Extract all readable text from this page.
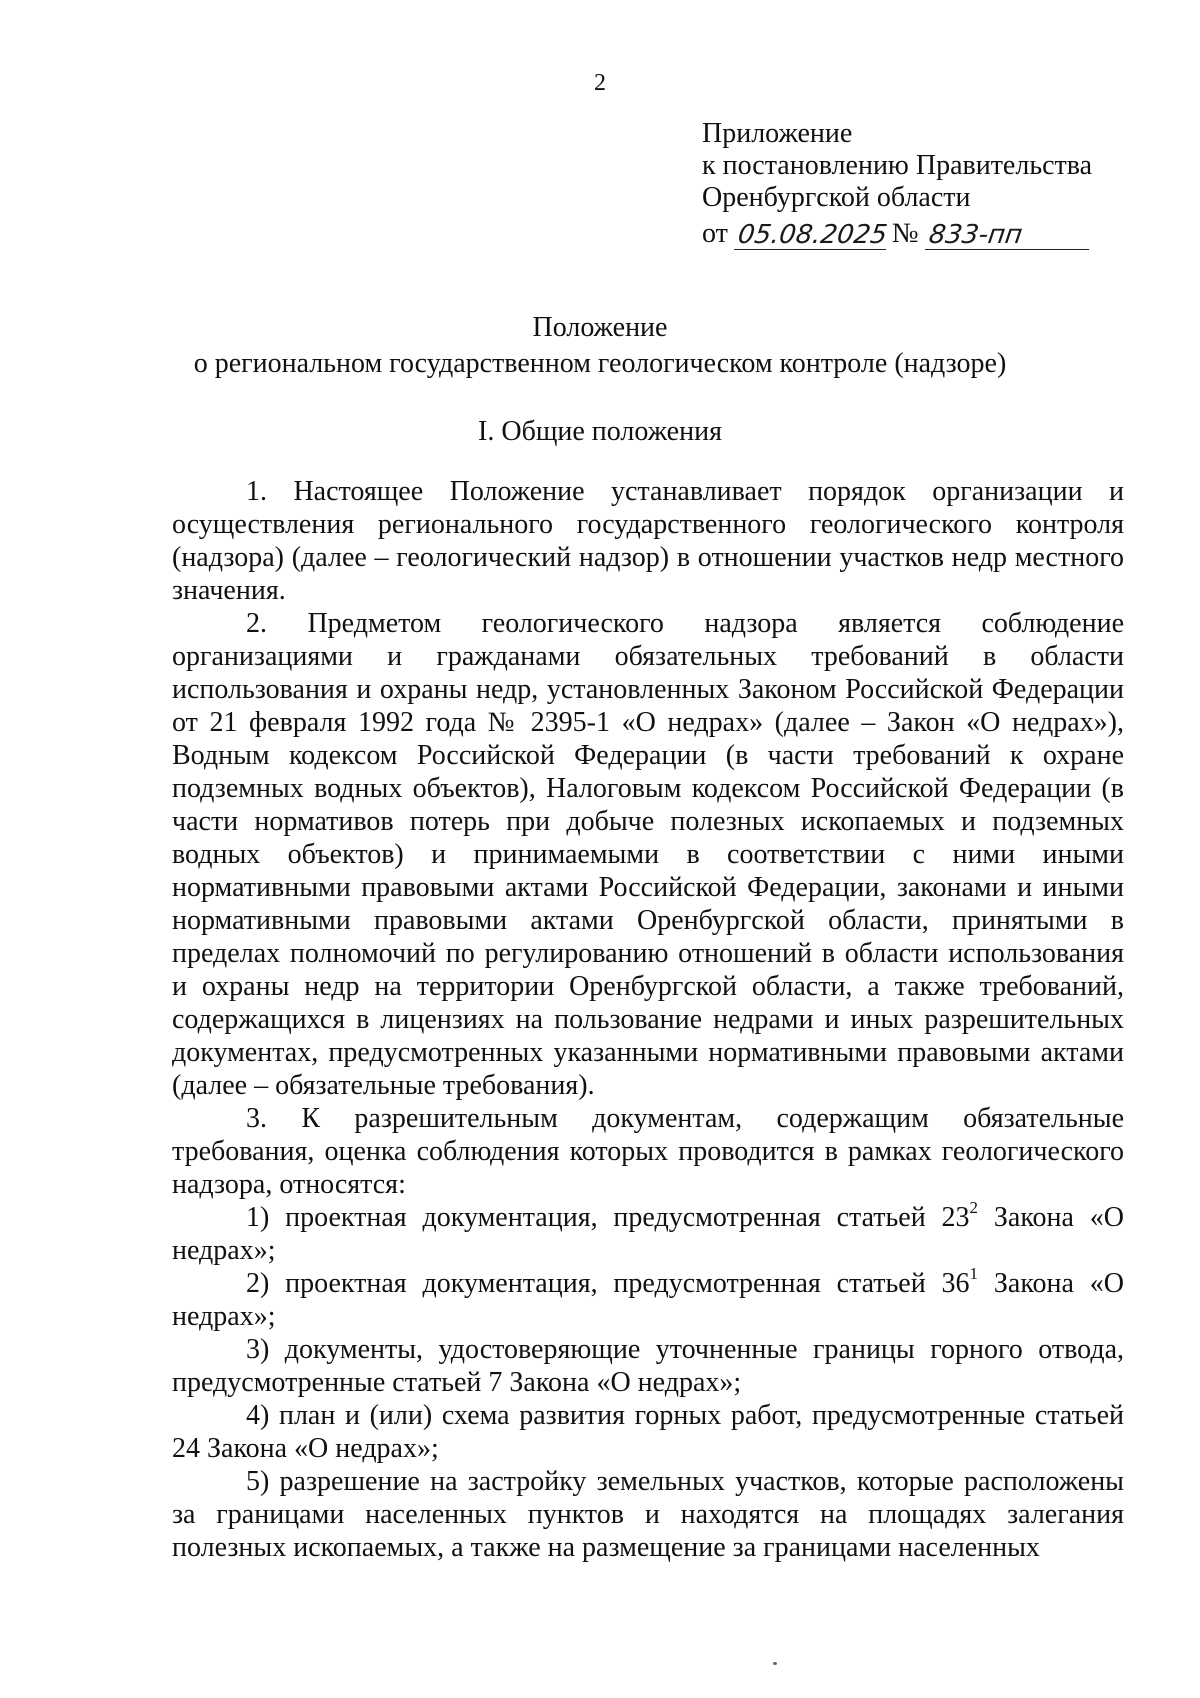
2
Приложение
к постановлению Правительства
Оренбургской области
от 05.08.2025 № 833-пп
Положение
о региональном государственном геологическом контроле (надзоре)
I. Общие положения

1. Настоящее Положение устанавливает порядок организации и осуществления регионального государственного геологического контроля (надзора) (далее – геологический надзор) в отношении участков недр местного значения.

2. Предметом геологического надзора является соблюдение организациями и гражданами обязательных требований в области использования и охраны недр, установленных Законом Российской Федерации от 21 февраля 1992 года № 2395-1 «О недрах» (далее – Закон «О недрах»), Водным кодексом Российской Федерации (в части требований к охране подземных водных объектов), Налоговым кодексом Российской Федерации (в части нормативов потерь при добыче полезных ископаемых и подземных водных объектов) и принимаемыми в соответствии с ними иными нормативными правовыми актами Российской Федерации, законами и иными нормативными правовыми актами Оренбургской области, принятыми в пределах полномочий по регулированию отношений в области использования и охраны недр на территории Оренбургской области, а также требований, содержащихся в лицензиях на пользование недрами и иных разрешительных документах, предусмотренных указанными нормативными правовыми актами (далее – обязательные требования).

3. К разрешительным документам, содержащим обязательные требования, оценка соблюдения которых проводится в рамках геологического надзора, относятся:

1) проектная документация, предусмотренная статьей $23^2$ Закона «О недрах»;

2) проектная документация, предусмотренная статьей $36^1$ Закона «О недрах»;

3) документы, удостоверяющие уточненные границы горного отвода, предусмотренные статьей 7 Закона «О недрах»;

4) план и (или) схема развития горных работ, предусмотренные статьей 24 Закона «О недрах»;

5) разрешение на застройку земельных участков, которые расположены за границами населенных пунктов и находятся на площадях залегания полезных ископаемых, а также на размещение за границами населенных
